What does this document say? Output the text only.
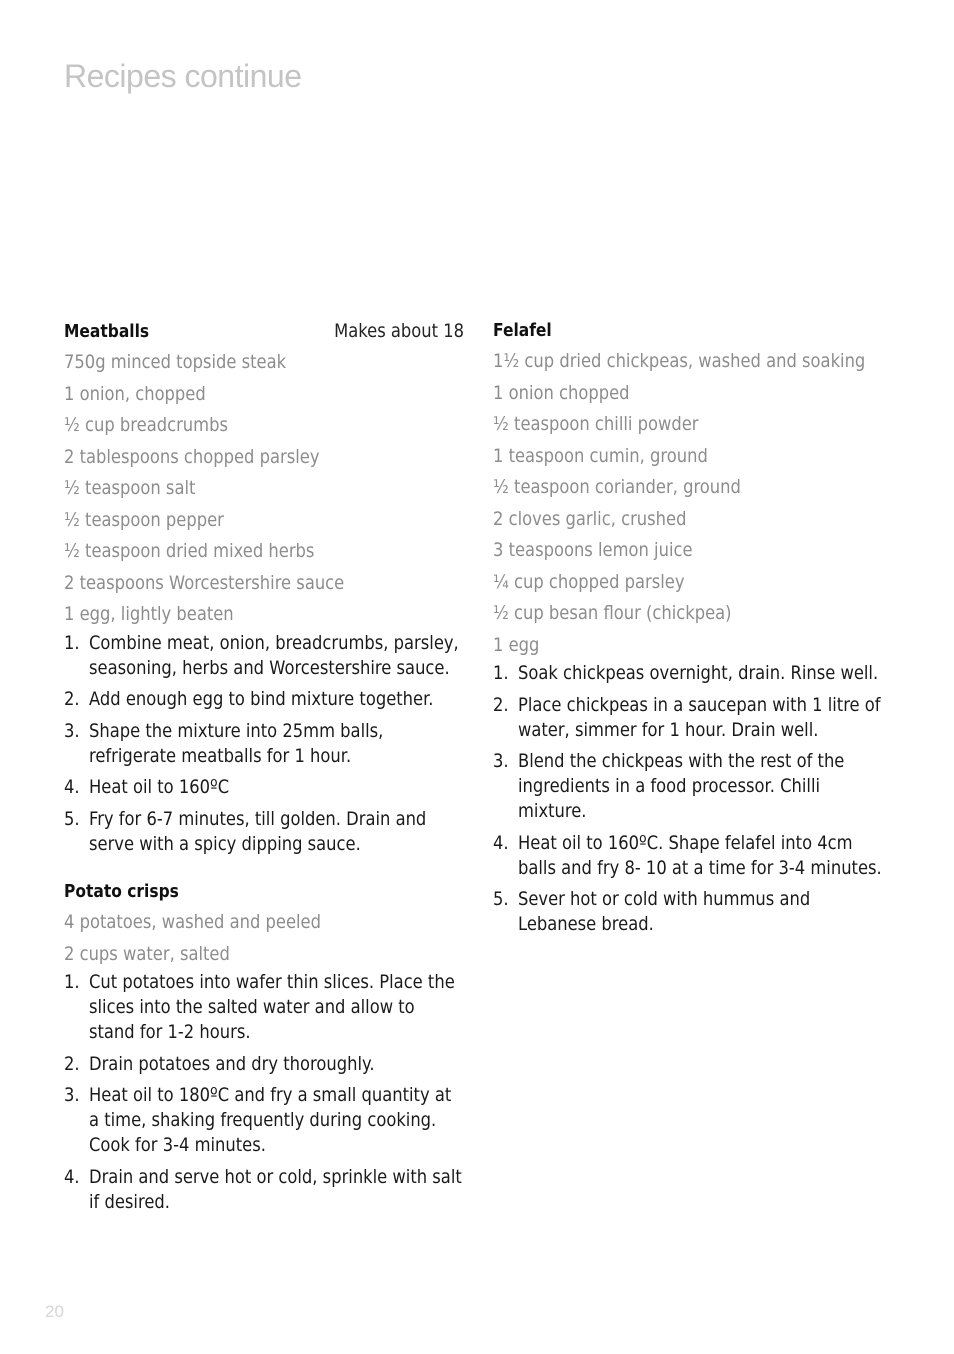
Recipes continue
Meatballs	Makes about 18
750g minced topside steak
1 onion, chopped
½ cup breadcrumbs
2 tablespoons chopped parsley
½ teaspoon salt
½ teaspoon pepper
½ teaspoon dried mixed herbs
2 teaspoons Worcestershire sauce
1 egg, lightly beaten
1. Combine meat, onion, breadcrumbs, parsley, seasoning, herbs and Worcestershire sauce.
2. Add enough egg to bind mixture together.
3. Shape the mixture into 25mm balls, refrigerate meatballs for 1 hour.
4. Heat oil to 160ºC
5. Fry for 6-7 minutes, till golden. Drain and serve with a spicy dipping sauce.
Potato crisps
4 potatoes, washed and peeled
2 cups water, salted
1. Cut potatoes into wafer thin slices. Place the slices into the salted water and allow to stand for 1-2 hours.
2. Drain potatoes and dry thoroughly.
3. Heat oil to 180ºC and fry a small quantity at a time, shaking frequently during cooking. Cook for 3-4 minutes.
4. Drain and serve hot or cold, sprinkle with salt if desired.
Felafel
1½ cup dried chickpeas, washed and soaking
1 onion chopped
½ teaspoon chilli powder
1 teaspoon cumin, ground
½ teaspoon coriander, ground
2 cloves garlic, crushed
3 teaspoons lemon juice
¼ cup chopped parsley
½ cup besan flour (chickpea)
1 egg
1. Soak chickpeas overnight, drain. Rinse well.
2. Place chickpeas in a saucepan with 1 litre of water, simmer for 1 hour. Drain well.
3. Blend the chickpeas with the rest of the ingredients in a food processor. Chilli mixture.
4. Heat oil to 160ºC. Shape felafel into 4cm balls and fry 8- 10 at a time for 3-4 minutes.
5. Sever hot or cold with hummus and Lebanese bread.
20
